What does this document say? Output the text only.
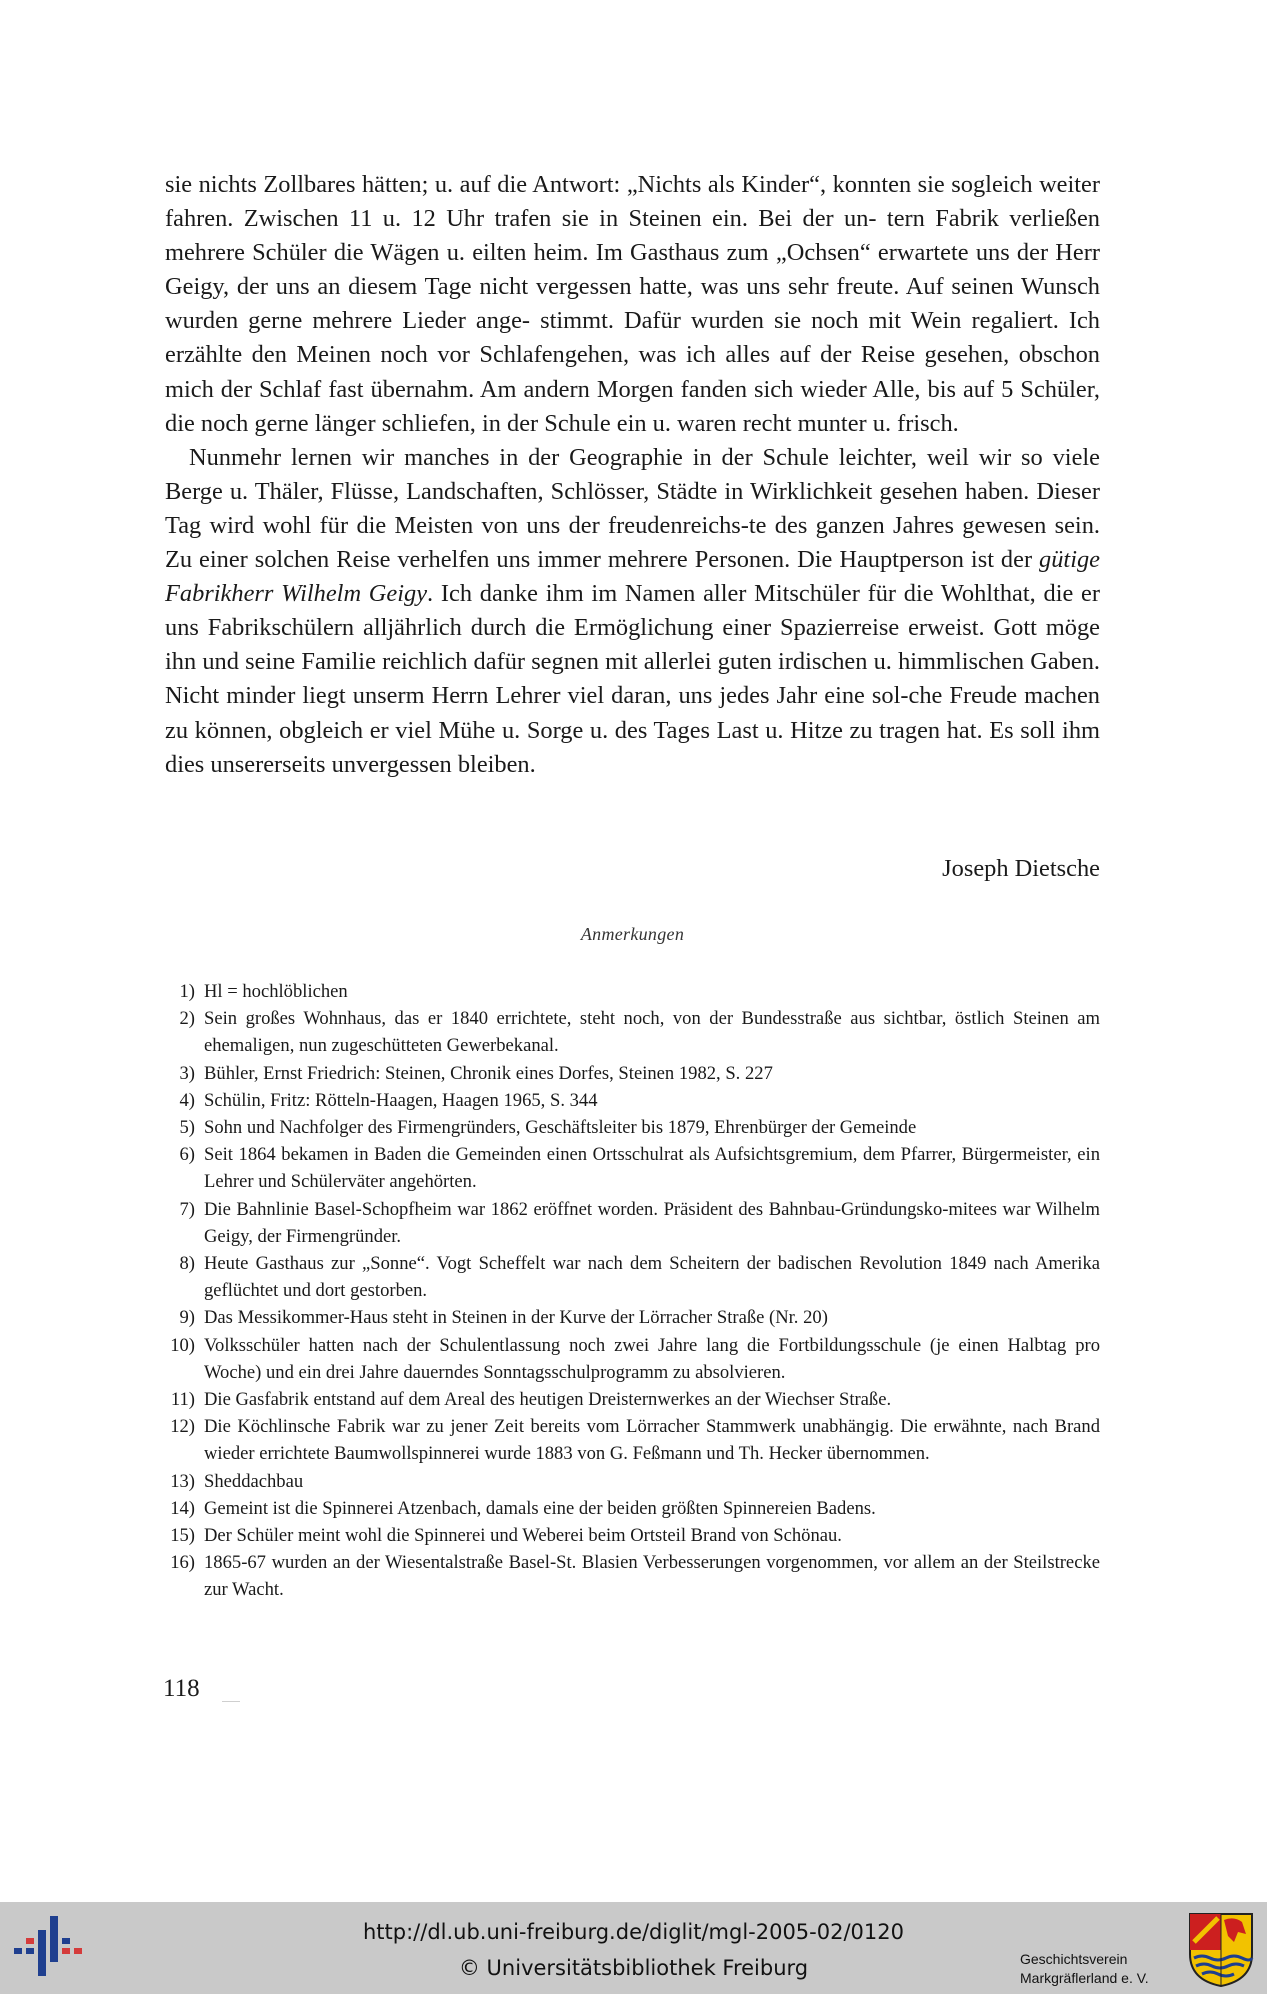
sie nichts Zollbares hätten; u. auf die Antwort: „Nichts als Kinder“, konnten sie sogleich weiter fahren. Zwischen 11 u. 12 Uhr trafen sie in Steinen ein. Bei der un- tern Fabrik verließen mehrere Schüler die Wägen u. eilten heim. Im Gasthaus zum „Ochsen“ erwartete uns der Herr Geigy, der uns an diesem Tage nicht vergessen hatte, was uns sehr freute. Auf seinen Wunsch wurden gerne mehrere Lieder ange- stimmt. Dafür wurden sie noch mit Wein regaliert. Ich erzählte den Meinen noch vor Schlafengehen, was ich alles auf der Reise gesehen, obschon mich der Schlaf fast übernahm. Am andern Morgen fanden sich wieder Alle, bis auf 5 Schüler, die noch gerne länger schliefen, in der Schule ein u. waren recht munter u. frisch.

Nunmehr lernen wir manches in der Geographie in der Schule leichter, weil wir so viele Berge u. Thäler, Flüsse, Landschaften, Schlösser, Städte in Wirklichkeit gesehen haben. Dieser Tag wird wohl für die Meisten von uns der freudenreichs-te des ganzen Jahres gewesen sein. Zu einer solchen Reise verhelfen uns immer mehrere Personen. Die Hauptperson ist der gütige Fabrikherr Wilhelm Geigy. Ich danke ihm im Namen aller Mitschüler für die Wohlthat, die er uns Fabrikschülern alljährlich durch die Ermöglichung einer Spazierreise erweist. Gott möge ihn und seine Familie reichlich dafür segnen mit allerlei guten irdischen u. himmlischen Gaben. Nicht minder liegt unserm Herrn Lehrer viel daran, uns jedes Jahr eine sol-che Freude machen zu können, obgleich er viel Mühe u. Sorge u. des Tages Last u. Hitze zu tragen hat. Es soll ihm dies unsererseits unvergessen bleiben.

Joseph Dietsche
Anmerkungen
1) Hl = hochlöblichen
2) Sein großes Wohnhaus, das er 1840 errichtete, steht noch, von der Bundesstraße aus sichtbar, östlich Steinen am ehemaligen, nun zugeschütteten Gewerbekanal.
3) Bühler, Ernst Friedrich: Steinen, Chronik eines Dorfes, Steinen 1982, S. 227
4) Schülin, Fritz: Rötteln-Haagen, Haagen 1965, S. 344
5) Sohn und Nachfolger des Firmengründers, Geschäftsleiter bis 1879, Ehrenbürger der Gemeinde
6) Seit 1864 bekamen in Baden die Gemeinden einen Ortsschulrat als Aufsichtsgremium, dem Pfarrer, Bürgermeister, ein Lehrer und Schülerväter angehörten.
7) Die Bahnlinie Basel-Schopfheim war 1862 eröffnet worden. Präsident des Bahnbau-Gründungsko-mitees war Wilhelm Geigy, der Firmengründer.
8) Heute Gasthaus zur „Sonne“. Vogt Scheffelt war nach dem Scheitern der badischen Revolution 1849 nach Amerika geflüchtet und dort gestorben.
9) Das Messikommer-Haus steht in Steinen in der Kurve der Lörracher Straße (Nr. 20)
10) Volksschüler hatten nach der Schulentlassung noch zwei Jahre lang die Fortbildungsschule (je einen Halbtag pro Woche) und ein drei Jahre dauerndes Sonntagsschulprogramm zu absolvieren.
11) Die Gasfabrik entstand auf dem Areal des heutigen Dreisternwerkes an der Wiechser Straße.
12) Die Köchlinsche Fabrik war zu jener Zeit bereits vom Lörracher Stammwerk unabhängig. Die erwähnte, nach Brand wieder errichtete Baumwollspinnerei wurde 1883 von G. Feßmann und Th. Hecker übernommen.
13) Sheddachbau
14) Gemeint ist die Spinnerei Atzenbach, damals eine der beiden größten Spinnereien Badens.
15) Der Schüler meint wohl die Spinnerei und Weberei beim Ortsteil Brand von Schönau.
16) 1865-67 wurden an der Wiesentalstraße Basel-St. Blasien Verbesserungen vorgenommen, vor allem an der Steilstrecke zur Wacht.
118
http://dl.ub.uni-freiburg.de/diglit/mgl-2005-02/0120
© Universitätsbibliothek Freiburg	Geschichtsverein
Markgräflerland e. V.
